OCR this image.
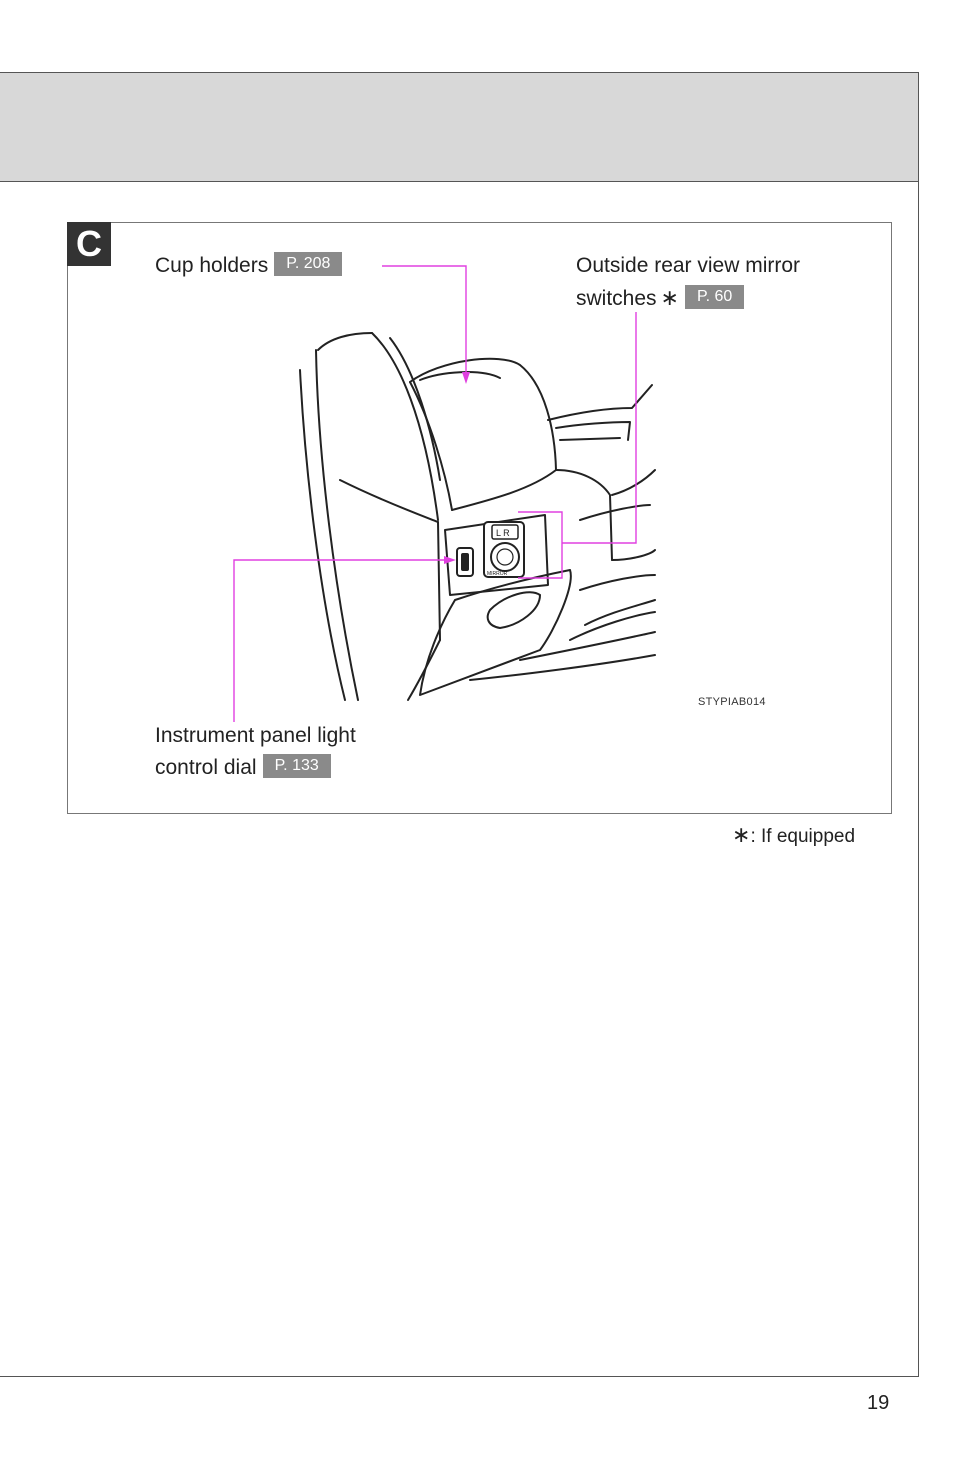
C
L R
MIRROR
Cup holders P. 208	Outside rear view mirror
switches ∗ P. 60
Instrument panel light
control dial P. 133
STYPIAB014
∗: If equipped
19
